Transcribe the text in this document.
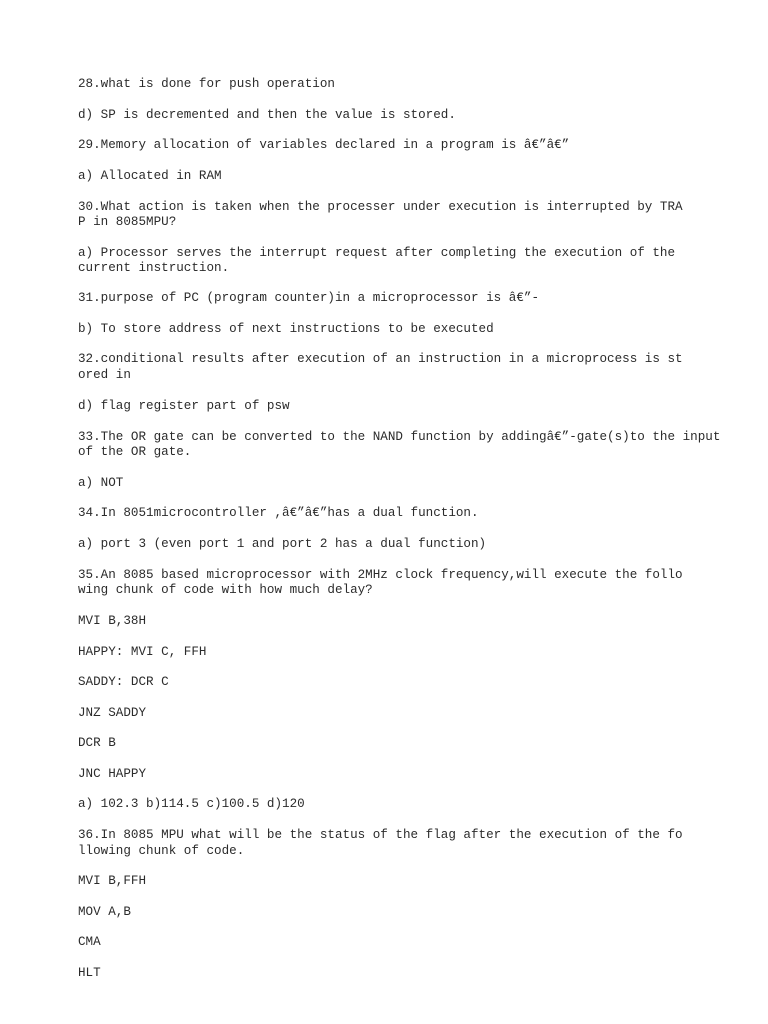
28.what is done for push operation
d) SP is decremented and then the value is stored.
29.Memory allocation of variables declared in a program is â€”â€”
a) Allocated in RAM
30.What action is taken when the processer under execution is interrupted by TRA
P in 8085MPU?
a) Processor serves the interrupt request after completing the execution of the
current instruction.
31.purpose of PC (program counter)in a microprocessor is â€”-
b) To store address of next instructions to be executed
32.conditional results after execution of an instruction in a microprocess is st
ored in
d) flag register part of psw
33.The OR gate can be converted to the NAND function by addingâ€”-gate(s)to the input
of the OR gate.
a) NOT
34.In 8051microcontroller ,â€”â€”has a dual function.
a) port 3 (even port 1 and port 2 has a dual function)
35.An 8085 based microprocessor with 2MHz clock frequency,will execute the follo
wing chunk of code with how much delay?
MVI B,38H
HAPPY: MVI C, FFH
SADDY: DCR C
JNZ SADDY
DCR B
JNC HAPPY
a) 102.3 b)114.5 c)100.5 d)120
36.In 8085 MPU what will be the status of the flag after the execution of the fo
llowing chunk of code.
MVI B,FFH
MOV A,B
CMA
HLT
